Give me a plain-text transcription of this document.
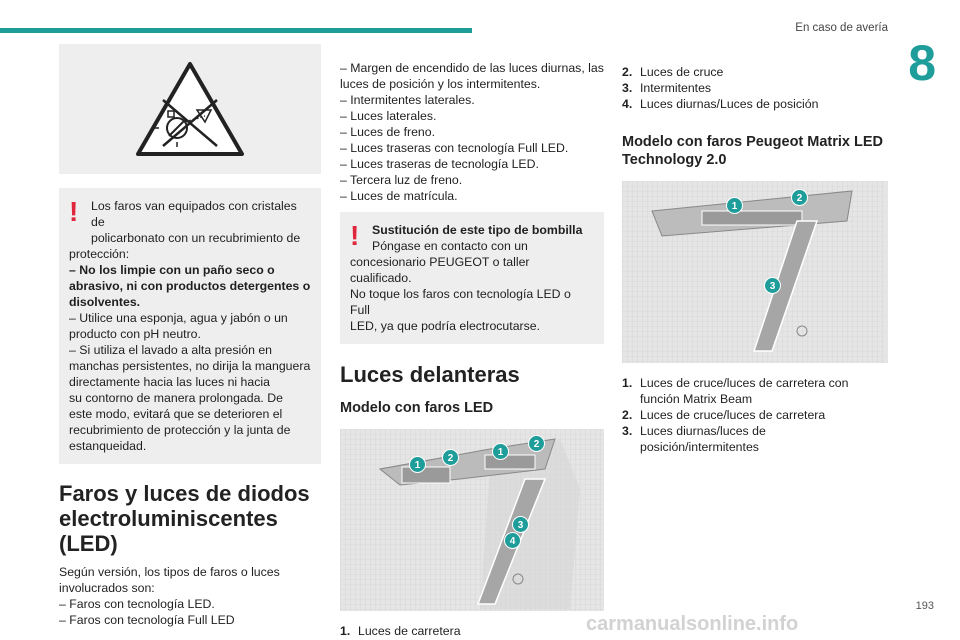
En caso de avería
8
!	Los faros van equipados con cristales de
policarbonato con un recubrimiento de
protección:
– No los limpie con un paño seco o
abrasivo, ni con productos detergentes o
disolventes.
– Utilice una esponja, agua y jabón o un
producto con pH neutro.
– Si utiliza el lavado a alta presión en
manchas persistentes, no dirija la manguera
directamente hacia las luces ni hacia
su contorno de manera prolongada. De
este modo, evitará que se deterioren el
recubrimiento de protección y la junta de
estanqueidad.
Faros y luces de diodos
electroluminiscentes (LED)

Según versión, los tipos de faros o luces

involucrados son:

– Faros con tecnología LED.

– Faros con tecnología Full LED

– Margen de encendido de las luces diurnas, las

luces de posición y los intermitentes.

– Intermitentes laterales.

– Luces laterales.

– Luces de freno.

– Luces traseras con tecnología Full LED.

– Luces traseras de tecnología LED.

– Tercera luz de freno.

– Luces de matrícula.

!	Sustitución de este tipo de bombilla
Póngase en contacto con un
concesionario PEUGEOT o taller cualificado.
No toque los faros con tecnología LED o Full
LED, ya que podría electrocutarse.
Luces delanteras
Modelo con faros LED
1
2
1
2
3
4
1. Luces de carretera
2. Luces de cruce
3. Intermitentes
4. Luces diurnas/Luces de posición
Modelo con faros Peugeot Matrix LED
Technology 2.0
1
2
3
1. Luces de cruce/luces de carretera con
función Matrix Beam
2. Luces de cruce/luces de carretera
3. Luces diurnas/luces de posición/intermitentes
193
carmanualsonline.info
